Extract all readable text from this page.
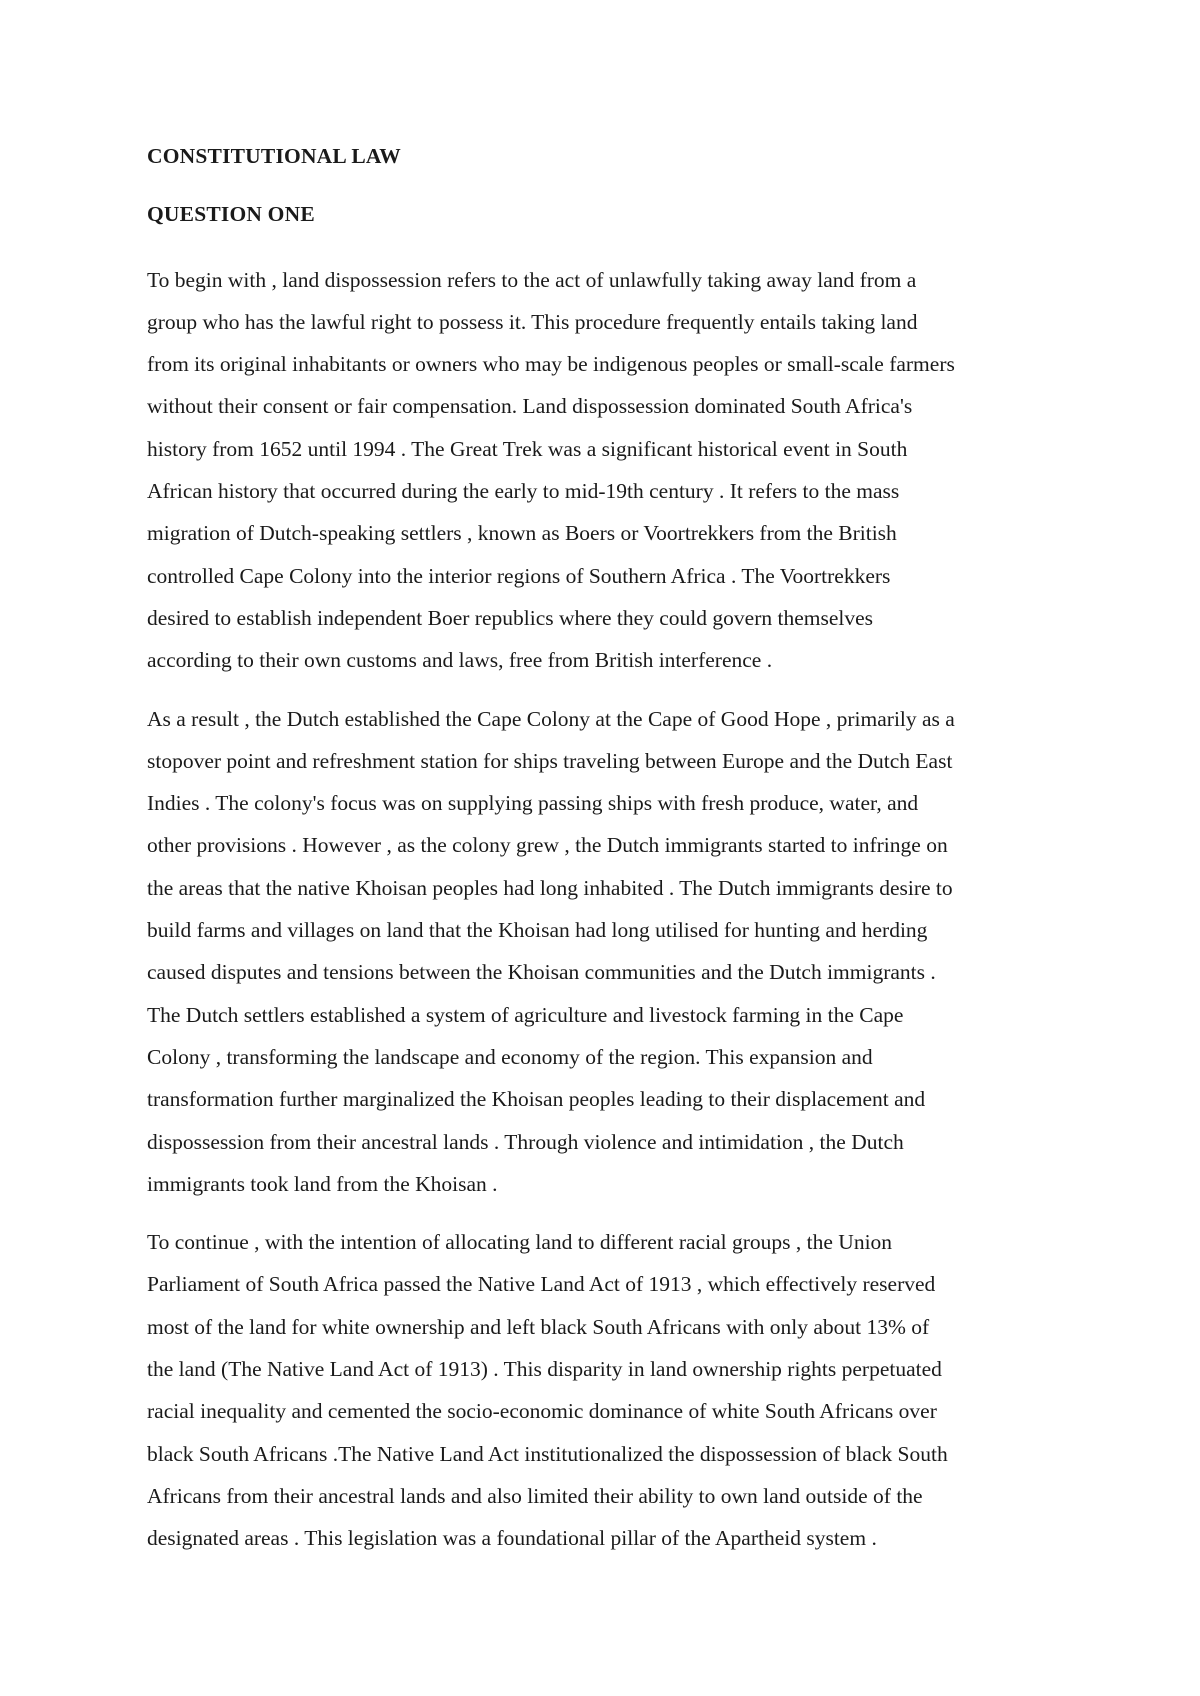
CONSTITUTIONAL LAW

QUESTION ONE

To begin with , land dispossession refers to the act of unlawfully taking away land from a
group who has the lawful right to possess it. This procedure frequently entails taking land
from its original inhabitants or owners who may be indigenous peoples or small-scale farmers
without their consent or fair compensation. Land dispossession dominated South Africa's
history from 1652 until 1994 . The Great Trek was a significant historical event in South
African history that occurred during the early to mid-19th century . It refers to the mass
migration of Dutch-speaking settlers , known as Boers or Voortrekkers from the British
controlled Cape Colony into the interior regions of Southern Africa . The Voortrekkers
desired to establish independent Boer republics where they could govern themselves
according to their own customs and laws, free from British interference .

As a result , the Dutch established the Cape Colony at the Cape of Good Hope , primarily as a
stopover point and refreshment station for ships traveling between Europe and the Dutch East
Indies . The colony's focus was on supplying passing ships with fresh produce, water, and
other provisions . However , as the colony grew , the Dutch immigrants started to infringe on
the areas that the native Khoisan peoples had long inhabited . The Dutch immigrants desire to
build farms and villages on land that the Khoisan had long utilised for hunting and herding
caused disputes and tensions between the Khoisan communities and the Dutch immigrants .
The Dutch settlers established a system of agriculture and livestock farming in the Cape
Colony , transforming the landscape and economy of the region. This expansion and
transformation further marginalized the Khoisan peoples leading to their displacement and
dispossession from their ancestral lands . Through violence and intimidation , the Dutch
immigrants took land from the Khoisan .

To continue , with the intention of allocating land to different racial groups , the Union
Parliament of South Africa passed the Native Land Act of 1913 , which effectively reserved
most of the land for white ownership and left black South Africans with only about 13% of
the land (The Native Land Act of 1913) . This disparity in land ownership rights perpetuated
racial inequality and cemented the socio-economic dominance of white South Africans over
black South Africans .The Native Land Act institutionalized the dispossession of black South
Africans from their ancestral lands and also limited their ability to own land outside of the
designated areas . This legislation was a foundational pillar of the Apartheid system .
